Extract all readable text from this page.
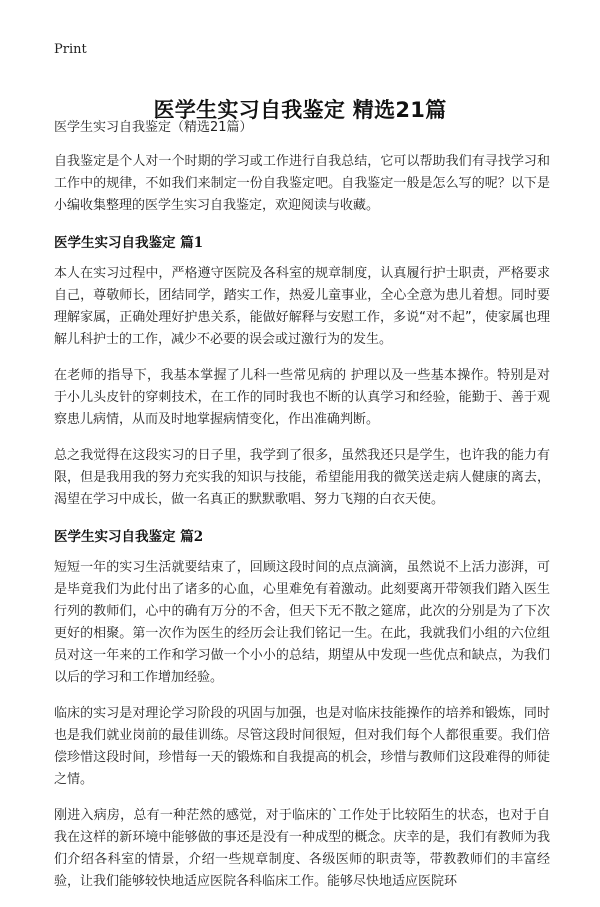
Print
医学生实习自我鉴定 精选21篇
医学生实习自我鉴定（精选21篇）

自我鉴定是个人对一个时期的学习或工作进行自我总结，它可以帮助我们有寻找学习和工作中的规律，不如我们来制定一份自我鉴定吧。自我鉴定一般是怎么写的呢？以下是小编收集整理的医学生实习自我鉴定，欢迎阅读与收藏。

医学生实习自我鉴定 篇1

本人在实习过程中，严格遵守医院及各科室的规章制度，认真履行护士职责，严格要求自己，尊敬师长，团结同学，踏实工作，热爱儿童事业，全心全意为患儿着想。同时要理解家属，正确处理好护患关系，能做好解释与安慰工作，多说“对不起”，使家属也理解儿科护士的工作，减少不必要的误会或过激行为的发生。

在老师的指导下，我基本掌握了儿科一些常见病的 护理以及一些基本操作。特别是对于小儿头皮针的穿刺技术，在工作的同时我也不断的认真学习和经验，能勤于、善于观察患儿病情，从而及时地掌握病情变化，作出准确判断。

总之我觉得在这段实习的日子里，我学到了很多，虽然我还只是学生，也许我的能力有限，但是我用我的努力充实我的知识与技能，希望能用我的微笑送走病人健康的离去，渴望在学习中成长，做一名真正的默默歌唱、努力飞翔的白衣天使。

医学生实习自我鉴定 篇2

短短一年的实习生活就要结束了，回顾这段时间的点点滴滴，虽然说不上活力澎湃，可是毕竟我们为此付出了诸多的心血，心里难免有着激动。此刻要离开带领我们踏入医生行列的教师们，心中的确有万分的不舍，但天下无不散之筵席，此次的分别是为了下次更好的相聚。第一次作为医生的经历会让我们铭记一生。在此，我就我们小组的六位组员对这一年来的工作和学习做一个小小的总结，期望从中发现一些优点和缺点，为我们以后的学习和工作增加经验。

临床的实习是对理论学习阶段的巩固与加强，也是对临床技能操作的培养和锻炼，同时也是我们就业岗前的最佳训练。尽管这段时间很短，但对我们每个人都很重要。我们倍偿珍惜这段时间，珍惜每一天的锻炼和自我提高的机会，珍惜与教师们这段难得的师徒之情。

刚进入病房，总有一种茫然的感觉，对于临床的`工作处于比较陌生的状态，也对于自我在这样的新环境中能够做的事还是没有一种成型的概念。庆幸的是，我们有教师为我们介绍各科室的情景，介绍一些规章制度、各级医师的职责等，带教教师们的丰富经验，让我们能够较快地适应医院各科临床工作。能够尽快地适应医院环
